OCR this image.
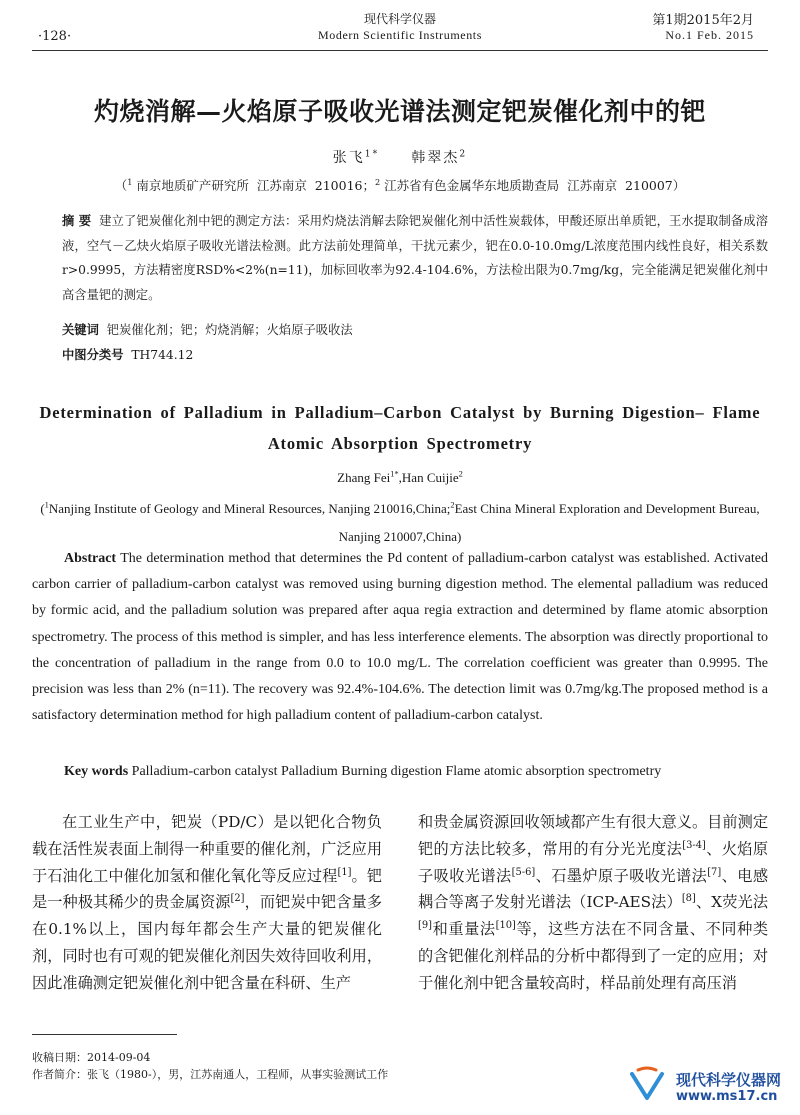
现代科学仪器
Modern Scientific Instruments
·128·
第1期2015年2月
No.1 Feb. 2015
灼烧消解—火焰原子吸收光谱法测定钯炭催化剂中的钯
张飞$^{1*}$ 韩翠杰$^2$
（$^1$ 南京地质矿产研究所  江苏南京  210016；$^2$ 江苏省有色金属华东地质勘查局  江苏南京  210007）
摘 要 建立了钯炭催化剂中钯的测定方法：采用灼烧法消解去除钯炭催化剂中活性炭载体，甲酸还原出单质钯，王水提取制备成溶液，空气－乙炔火焰原子吸收光谱法检测。此方法前处理简单，干扰元素少，钯在0.0-10.0mg/L浓度范围内线性良好，相关系数r>0.9995，方法精密度RSD%<2%(n=11)，加标回收率为92.4-104.6%，方法检出限为0.7mg/kg，完全能满足钯炭催化剂中高含量钯的测定。
关键词 钯炭催化剂；钯；灼烧消解；火焰原子吸收法
中图分类号 TH744.12
Determination of Palladium in Palladium–Carbon Catalyst by Burning Digestion– Flame
Atomic Absorption Spectrometry
Zhang Fei$^{1*}$,Han Cuijie$^2$
($^1$Nanjing Institute of Geology and Mineral Resources, Nanjing 210016,China;$^2$East China Mineral Exploration and Development Bureau, Nanjing 210007,China)
Abstract The determination method that determines the Pd content of palladium-carbon catalyst was established. Activated carbon carrier of palladium-carbon catalyst was removed using burning digestion method. The elemental palladium was reduced by formic acid, and the palladium solution was prepared after aqua regia extraction and determined by flame atomic absorption spectrometry. The process of this method is simpler, and has less interference elements. The absorption was directly proportional to the concentration of palladium in the range from 0.0 to 10.0 mg/L. The correlation coefficient was greater than 0.9995. The precision was less than 2% (n=11). The recovery was 92.4%-104.6%. The detection limit was 0.7mg/kg.The proposed method is a satisfactory determination method for high palladium content of palladium-carbon catalyst.
Key words Palladium-carbon catalyst Palladium Burning digestion Flame atomic absorption spectrometry
在工业生产中，钯炭（PD/C）是以钯化合物负载在活性炭表面上制得一种重要的催化剂，广泛应用于石油化工中催化加氢和催化氧化等反应过程[1]。钯是一种极其稀少的贵金属资源[2]，而钯炭中钯含量多在0.1%以上，国内每年都会生产大量的钯炭催化剂，同时也有可观的钯炭催化剂因失效待回收利用，因此准确测定钯炭催化剂中钯含量在科研、生产
和贵金属资源回收领域都产生有很大意义。目前测定钯的方法比较多，常用的有分光光度法[3-4]、火焰原子吸收光谱法[5-6]、石墨炉原子吸收光谱法[7]、电感耦合等离子发射光谱法（ICP-AES法）[8]、X荧光法[9]和重量法[10]等，这些方法在不同含量、不同种类的含钯催化剂样品的分析中都得到了一定的应用；对于催化剂中钯含量较高时，样品前处理有高压消
收稿日期：2014-09-04
作者简介：张飞（1980-），男，江苏南通人，工程师，从事实验测试工作	现代科学仪器网
www.ms17.cn
